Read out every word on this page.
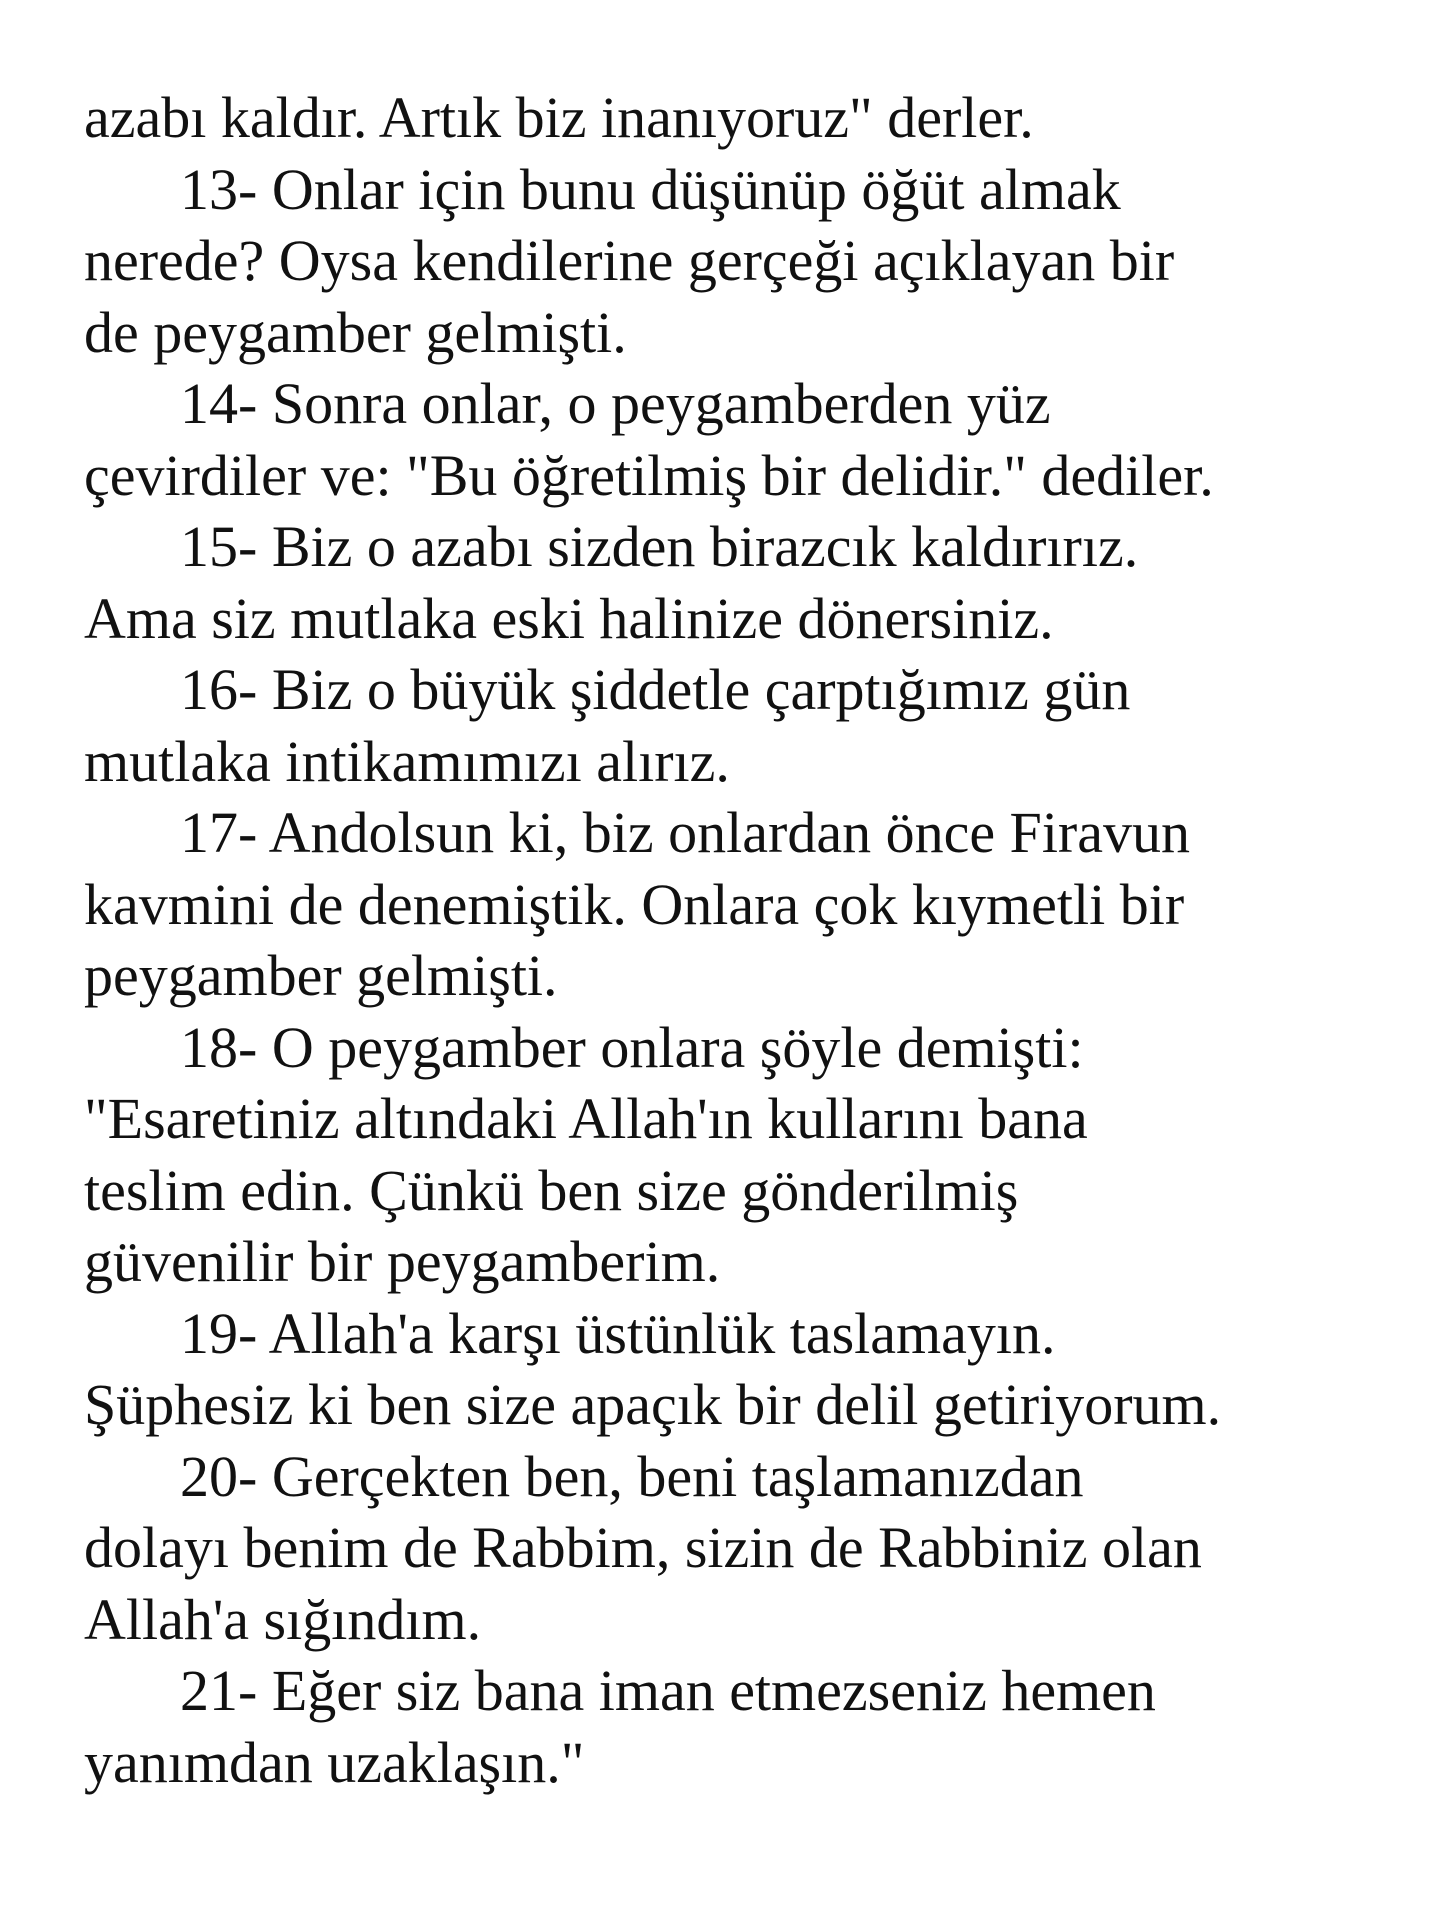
azabı kaldır. Artık biz inanıyoruz" derler.
13- Onlar için bunu düşünüp öğüt almak
nerede? Oysa kendilerine gerçeği açıklayan bir
de peygamber gelmişti.
14- Sonra onlar, o peygamberden yüz
çevirdiler ve: "Bu öğretilmiş bir delidir." dediler.
15- Biz o azabı sizden birazcık kaldırırız.
Ama siz mutlaka eski halinize dönersiniz.
16- Biz o büyük şiddetle çarptığımız gün
mutlaka intikamımızı alırız.
17- Andolsun ki, biz onlardan önce Firavun
kavmini de denemiştik. Onlara çok kıymetli bir
peygamber gelmişti.
18- O peygamber onlara şöyle demişti:
"Esaretiniz altındaki Allah'ın kullarını bana
teslim edin. Çünkü ben size gönderilmiş
güvenilir bir peygamberim.
19- Allah'a karşı üstünlük taslamayın.
Şüphesiz ki ben size apaçık bir delil getiriyorum.
20- Gerçekten ben, beni taşlamanızdan
dolayı benim de Rabbim, sizin de Rabbiniz olan
Allah'a sığındım.
21- Eğer siz bana iman etmezseniz hemen
yanımdan uzaklaşın."
